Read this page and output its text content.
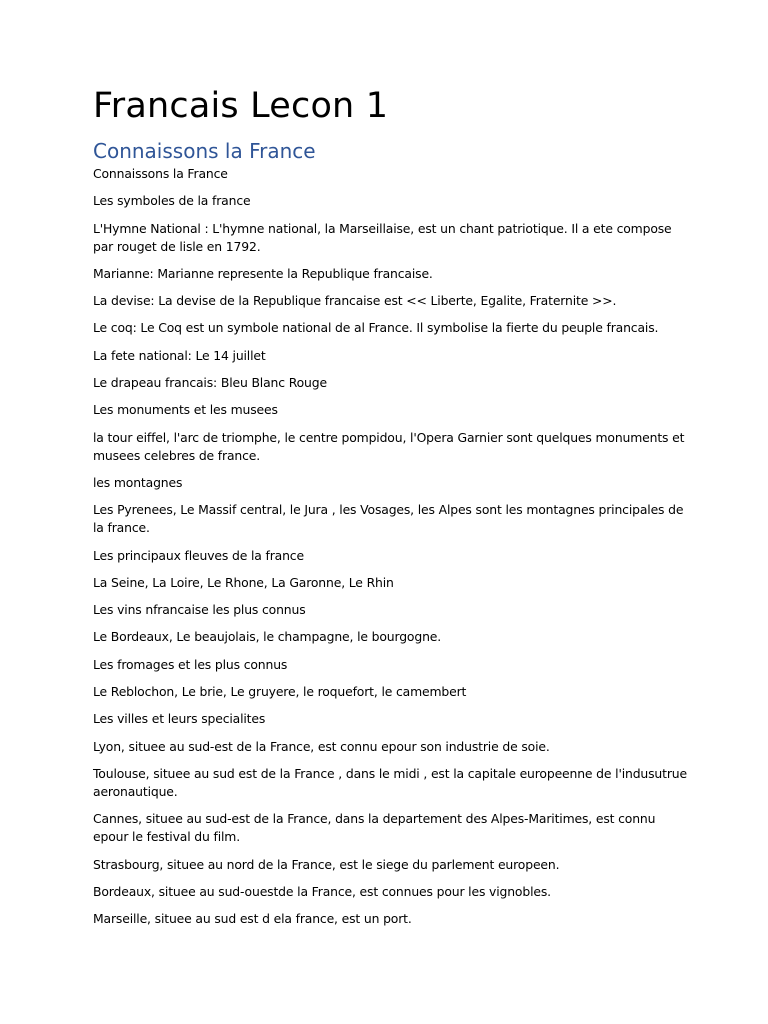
Francais Lecon 1
Connaissons la France

Connaissons la France

Les symboles de la france

L'Hymne National : L'hymne national, la Marseillaise, est un chant patriotique. Il a ete compose par rouget de lisle en 1792.

Marianne: Marianne represente la Republique francaise.

La devise: La devise de la Republique francaise est << Liberte, Egalite, Fraternite >>.

Le coq: Le Coq est un symbole national de al France. Il symbolise la fierte du peuple francais.

La fete national: Le 14 juillet

Le drapeau francais: Bleu Blanc Rouge

Les monuments et les musees

la tour eiffel, l'arc de triomphe, le centre pompidou, l'Opera Garnier sont quelques monuments et musees celebres de france.

les montagnes

Les Pyrenees, Le Massif central, le Jura , les Vosages, les Alpes sont les montagnes principales de la france.

Les principaux fleuves de la france

La Seine, La Loire, Le Rhone, La Garonne, Le Rhin

Les vins nfrancaise les plus connus

Le Bordeaux, Le beaujolais, le champagne, le bourgogne.

Les fromages et les plus connus

Le Reblochon, Le brie, Le gruyere, le roquefort, le camembert

Les villes et leurs specialites

Lyon, situee au sud-est de la France, est connu epour son industrie de soie.

Toulouse, situee au sud est de la France , dans le midi , est la capitale europeenne de l'indusutrue aeronautique.

Cannes, situee au sud-est de la France, dans la departement des Alpes-Maritimes, est connu epour le festival du film.

Strasbourg, situee au nord de la France, est le siege du parlement europeen.

Bordeaux, situee au sud-ouestde la France, est connues pour les vignobles.

Marseille, situee au sud est d ela france, est un port.
